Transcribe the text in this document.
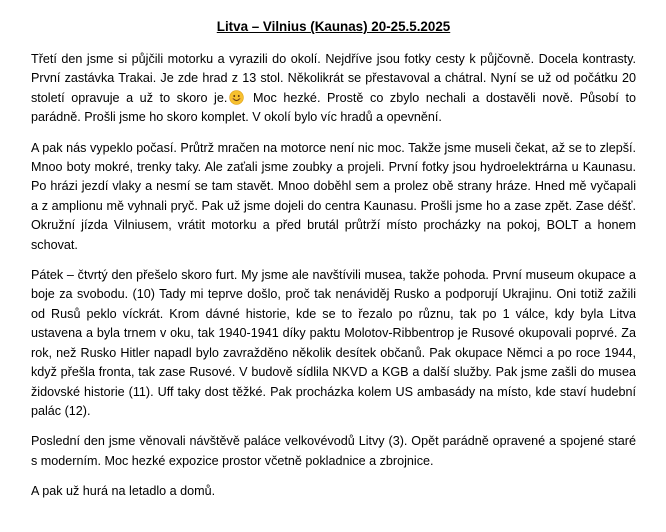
Litva – Vilnius (Kaunas) 20-25.5.2025

Třetí den jsme si půjčili motorku a vyrazili do okolí. Nejdříve jsou fotky cesty k půjčovně. Docela kontrasty. První zastávka Trakai. Je zde hrad z 13 stol. Několikrát se přestavoval a chátral. Nyní se už od počátku 20 století opravuje a už to skoro je. Moc hezké. Prostě co zbylo nechali a dostavěli nově. Působí to parádně. Prošli jsme ho skoro komplet. V okolí bylo víc hradů a opevnění.

A pak nás vypeklo počasí. Průtrž mračen na motorce není nic moc. Takže jsme museli čekat, až se to zlepší. Mnoo boty mokré, trenky taky. Ale zaťali jsme zoubky a projeli. První fotky jsou hydroelektrárna u Kaunasu. Po hrázi jezdí vlaky a nesmí se tam stavět. Mnoo doběhl sem a prolez obě strany hráze. Hned mě vyčapali a z amplionu mě vyhnali pryč. Pak už jsme dojeli do centra Kaunasu. Prošli jsme ho a zase zpět. Zase déšť. Okružní jízda Vilniusem, vrátit motorku a před brutál průtrží místo procházky na pokoj, BOLT a honem schovat.

Pátek – čtvrtý den přešelo skoro furt. My jsme ale navštívili musea, takže pohoda. První museum okupace a boje za svobodu. (10) Tady mi teprve došlo, proč tak nenáviděj Rusko a podporují Ukrajinu. Oni totiž zažili od Rusů peklo víckrát. Krom dávné historie, kde se to řezalo po různu, tak po 1 válce, kdy byla Litva ustavena a byla trnem v oku, tak 1940-1941 díky paktu Molotov-Ribbentrop je Rusové okupovali poprvé. Za rok, než Rusko Hitler napadl bylo zavražděno několik desítek občanů. Pak okupace Němci a po roce 1944, když přešla fronta, tak zase Rusové. V budově sídlila NKVD a KGB a další služby. Pak jsme zašli do musea židovské historie (11). Uff taky dost těžké. Pak procházka kolem US ambasády na místo, kde staví hudební palác (12).

Poslední den jsme věnovali návštěvě paláce velkovévodů Litvy (3). Opět parádně opravené a spojené staré s moderním. Moc hezké expozice prostor včetně pokladnice a zbrojnice.

A pak už hurá na letadlo a domů.
